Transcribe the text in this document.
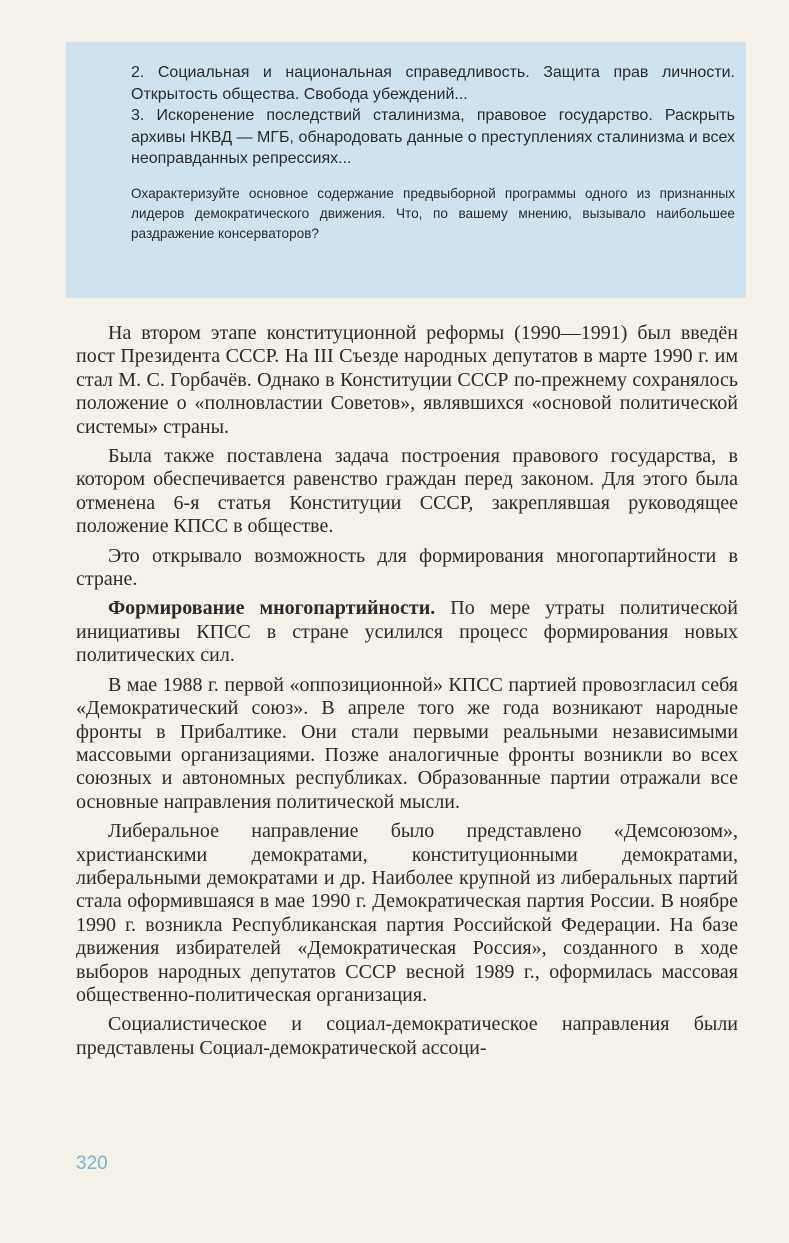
2. Социальная и национальная справедливость. Защита прав личности. Открытость общества. Свобода убеждений...

3. Искоренение последствий сталинизма, правовое государство. Раскрыть архивы НКВД — МГБ, обнародовать данные о преступлениях сталинизма и всех неоправданных репрессиях...

Охарактеризуйте основное содержание предвыборной программы одного из признанных лидеров демократического движения. Что, по вашему мнению, вызывало наибольшее раздражение консерваторов?

На втором этапе конституционной реформы (1990—1991) был введён пост Президента СССР. На III Съезде народных депутатов в марте 1990 г. им стал М. С. Горбачёв. Однако в Конституции СССР по-прежнему сохранялось положение о «полновластии Советов», являвшихся «основой политической системы» страны.

Была также поставлена задача построения правового государства, в котором обеспечивается равенство граждан перед законом. Для этого была отменена 6-я статья Конституции СССР, закреплявшая руководящее положение КПСС в обществе.

Это открывало возможность для формирования многопартийности в стране.

Формирование многопартийности. По мере утраты политической инициативы КПСС в стране усилился процесс формирования новых политических сил.

В мае 1988 г. первой «оппозиционной» КПСС партией провозгласил себя «Демократический союз». В апреле того же года возникают народные фронты в Прибалтике. Они стали первыми реальными независимыми массовыми организациями. Позже аналогичные фронты возникли во всех союзных и автономных республиках. Образованные партии отражали все основные направления политической мысли.

Либеральное направление было представлено «Демсоюзом», христианскими демократами, конституционными демократами, либеральными демократами и др. Наиболее крупной из либеральных партий стала оформившаяся в мае 1990 г. Демократическая партия России. В ноябре 1990 г. возникла Республиканская партия Российской Федерации. На базе движения избирателей «Демократическая Россия», созданного в ходе выборов народных депутатов СССР весной 1989 г., оформилась массовая общественно-политическая организация.

Социалистическое и социал-демократическое направления были представлены Социал-демократической ассоци-

320
